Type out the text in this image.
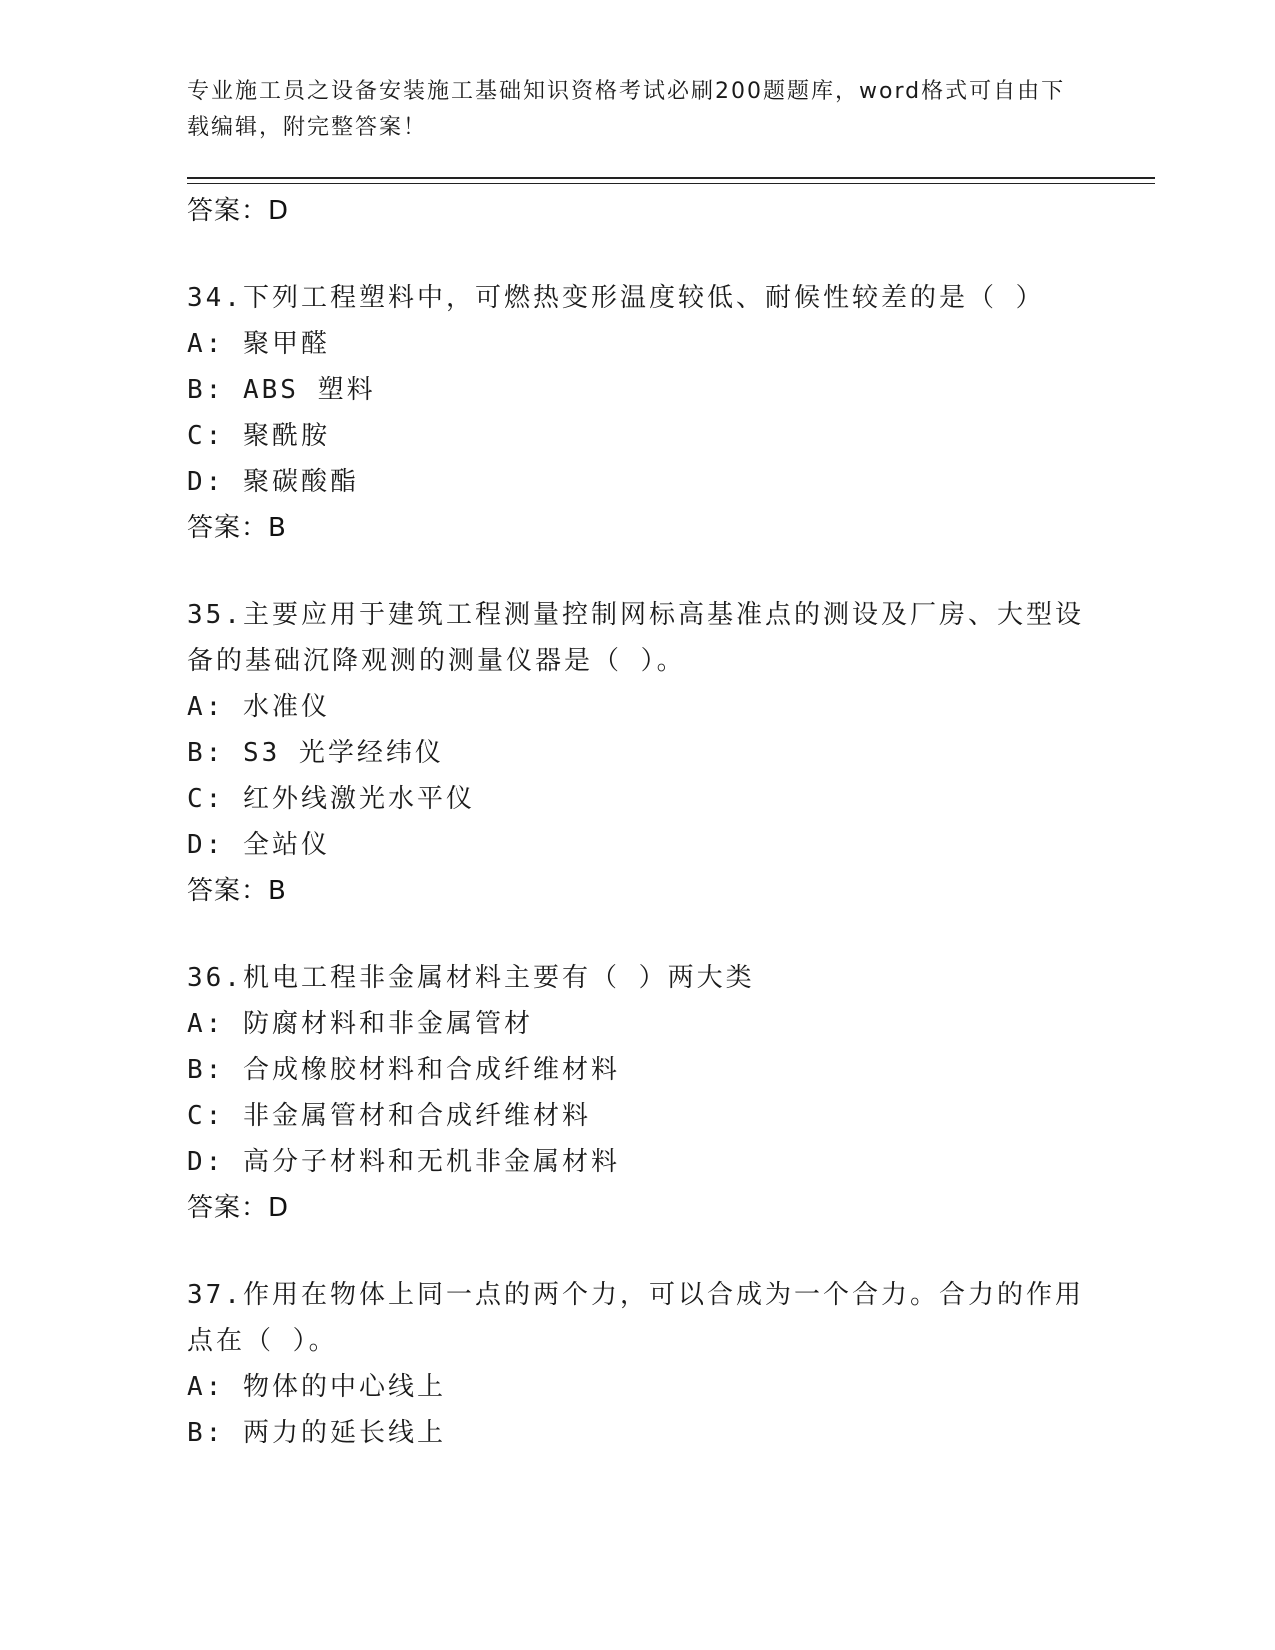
专业施工员之设备安装施工基础知识资格考试必刷200题题库，word格式可自由下载编辑，附完整答案！
答案：D
34.下列工程塑料中，可燃热变形温度较低、耐候性较差的是（ ）
A: 聚甲醛
B: ABS 塑料
C: 聚酰胺
D: 聚碳酸酯
答案：B
35.主要应用于建筑工程测量控制网标高基准点的测设及厂房、大型设备的基础沉降观测的测量仪器是（ ）。
A: 水准仪
B: S3 光学经纬仪
C: 红外线激光水平仪
D: 全站仪
答案：B
36.机电工程非金属材料主要有（ ）两大类
A: 防腐材料和非金属管材
B: 合成橡胶材料和合成纤维材料
C: 非金属管材和合成纤维材料
D: 高分子材料和无机非金属材料
答案：D
37.作用在物体上同一点的两个力，可以合成为一个合力。合力的作用点在（ ）。
A: 物体的中心线上
B: 两力的延长线上
